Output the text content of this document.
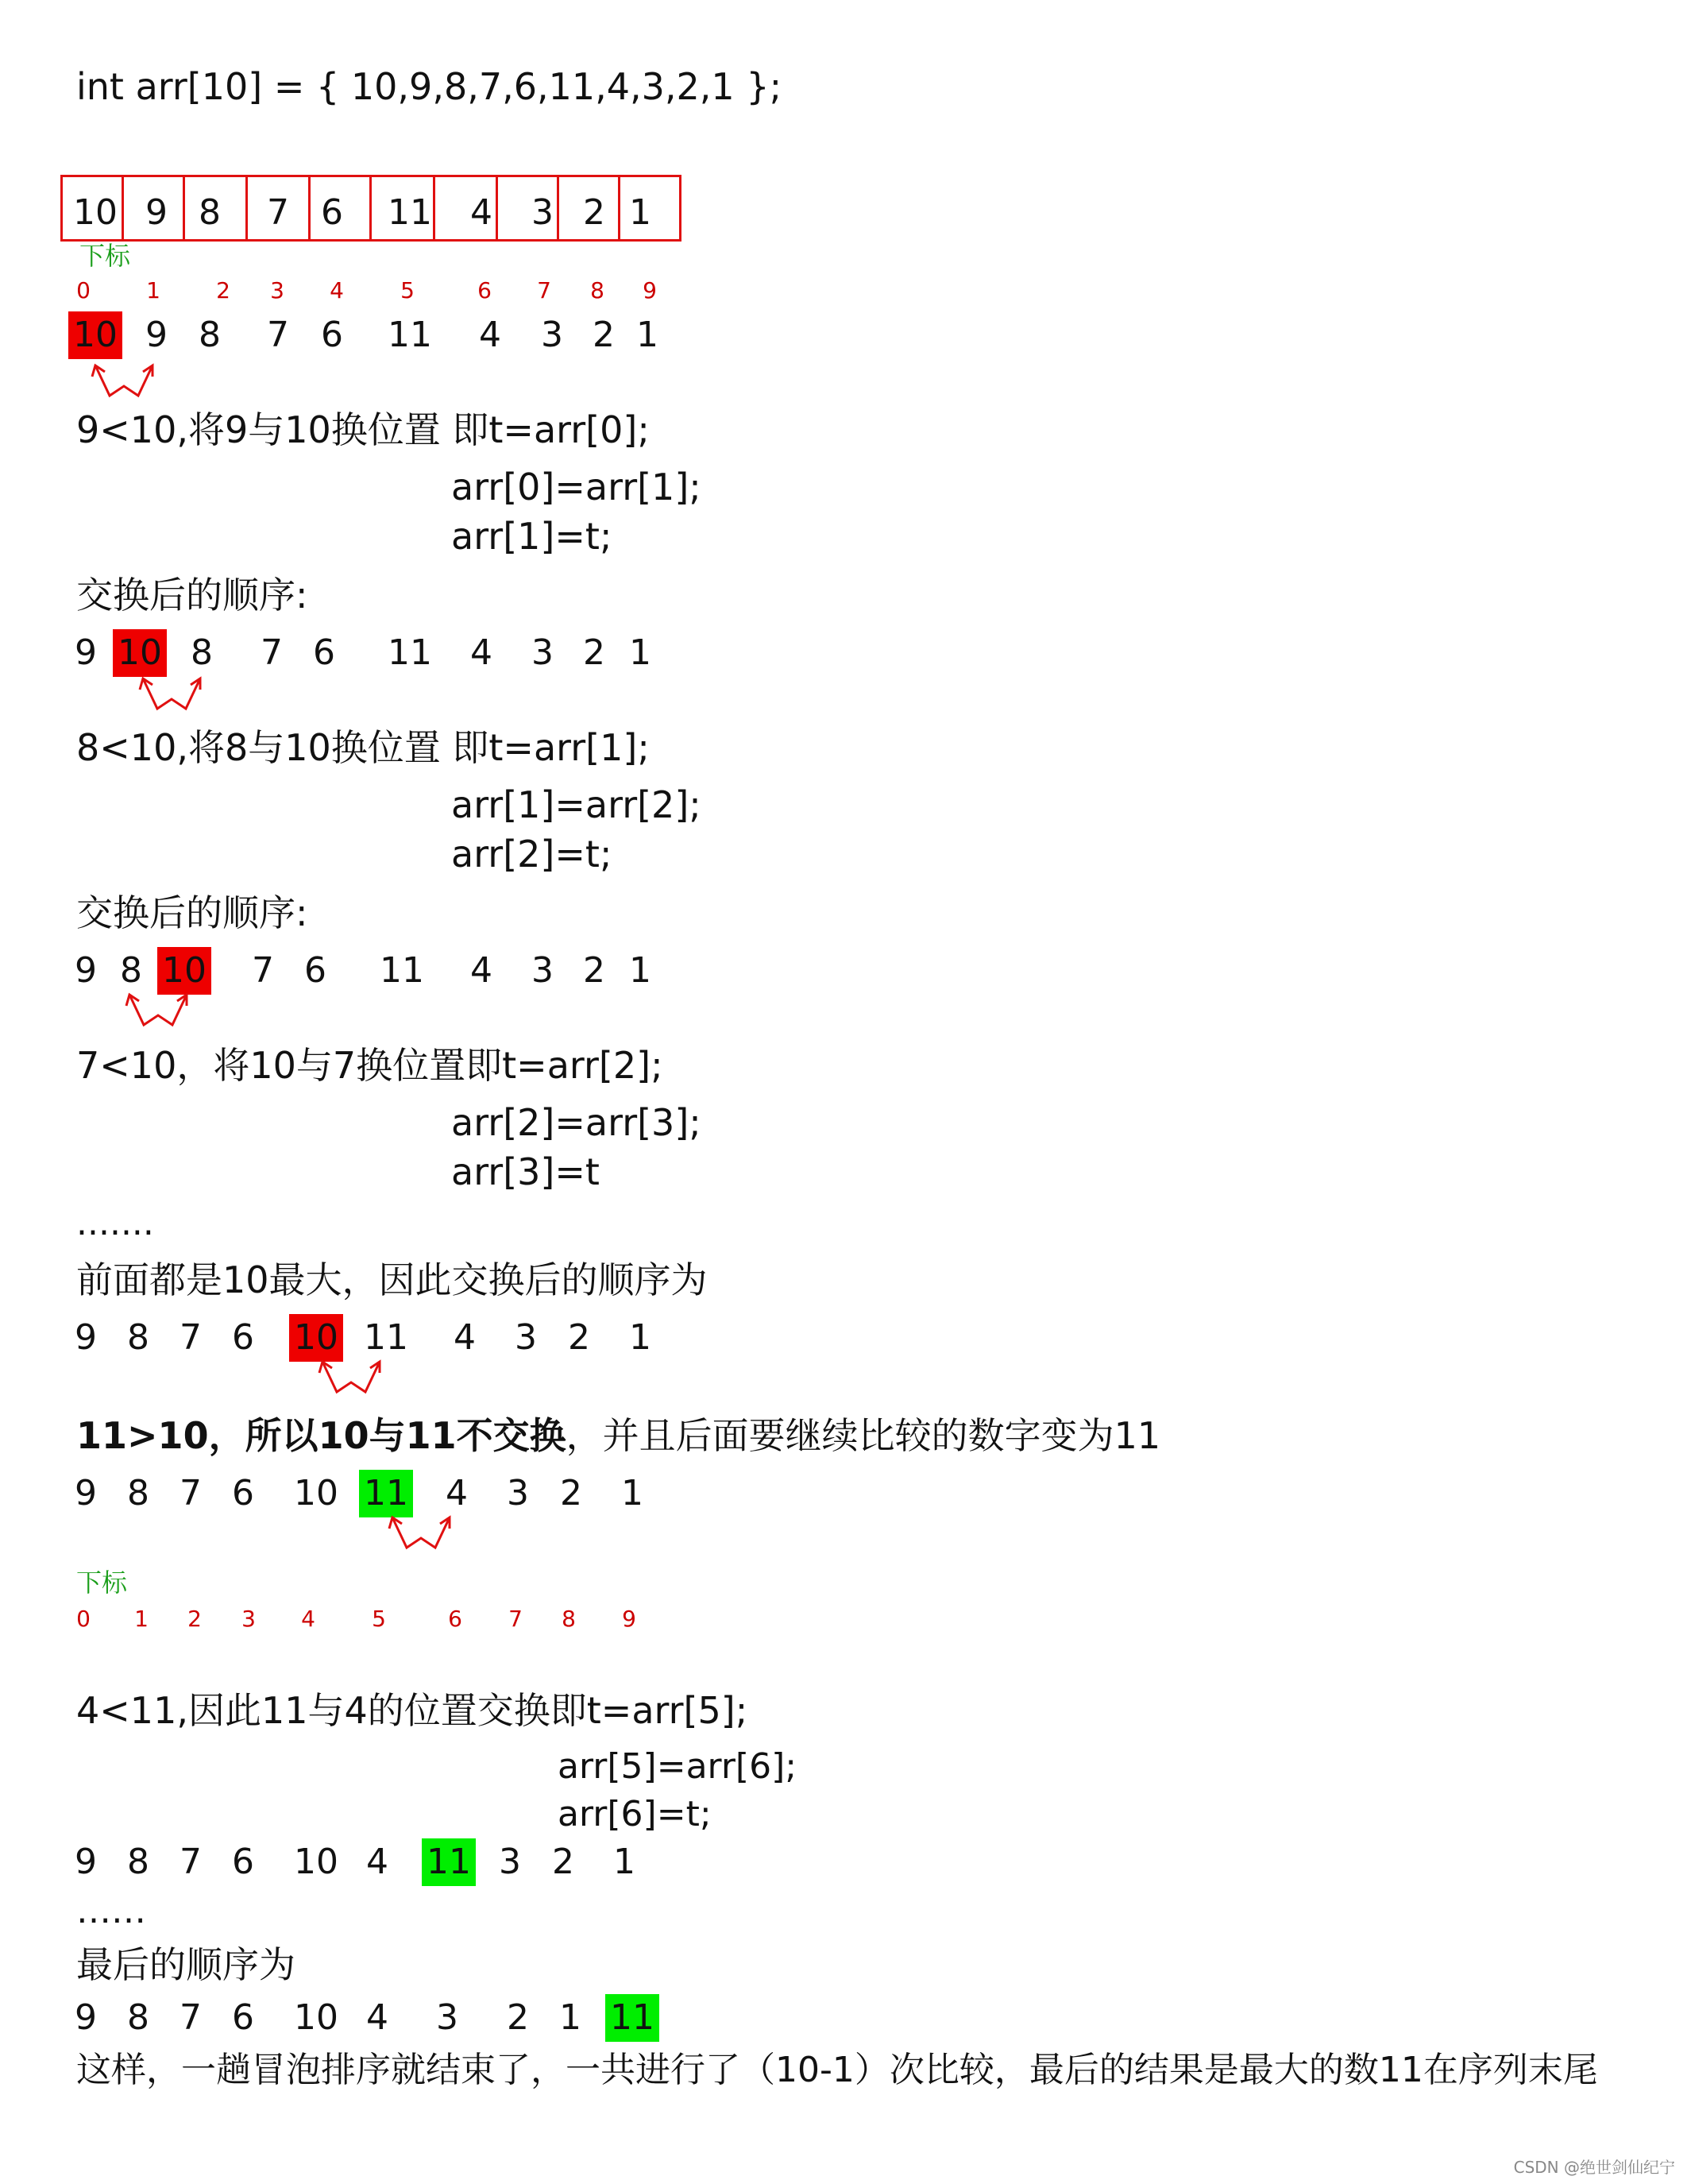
int arr[10] = { 10,9,8,7,6,11,4,3,2,1 };
10 9 8 7 6 11 4 3 2 1
下标
0	1	2 3 4	5	6 7 8 9
10 9 8 7 6 11 4 3 2 1
9<10,将9与10换位置 即t=arr[0];
arr[0]=arr[1];
arr[1]=t;
交换后的顺序:
9 10 8 7 6 11 4 3 2 1
8<10,将8与10换位置 即t=arr[1];
arr[1]=arr[2];
arr[2]=t;
交换后的顺序:
9 8 10 7 6 11 4 3 2 1
7<10，将10与7换位置即t=arr[2];
arr[2]=arr[3];
arr[3]=t
.......
前面都是10最大，因此交换后的顺序为
9 8 7 6 10 11 4 3 2 1
11>10，所以10与11不交换，并且后面要继续比较的数字变为11
9 8 7 6 10 11 4 3 2 1
下标
0 1 2 3 4	5	6 7 8 9
4<11,因此11与4的位置交换即t=arr[5];
arr[5]=arr[6];
arr[6]=t;
9 8 7 6 10 4 11 3 2 1
……
最后的顺序为
9 8 7 6 10 4 3 2 1 11
这样，一趟冒泡排序就结束了，一共进行了（10-1）次比较，最后的结果是最大的数11在序列末尾
CSDN @绝世剑仙纪宁
